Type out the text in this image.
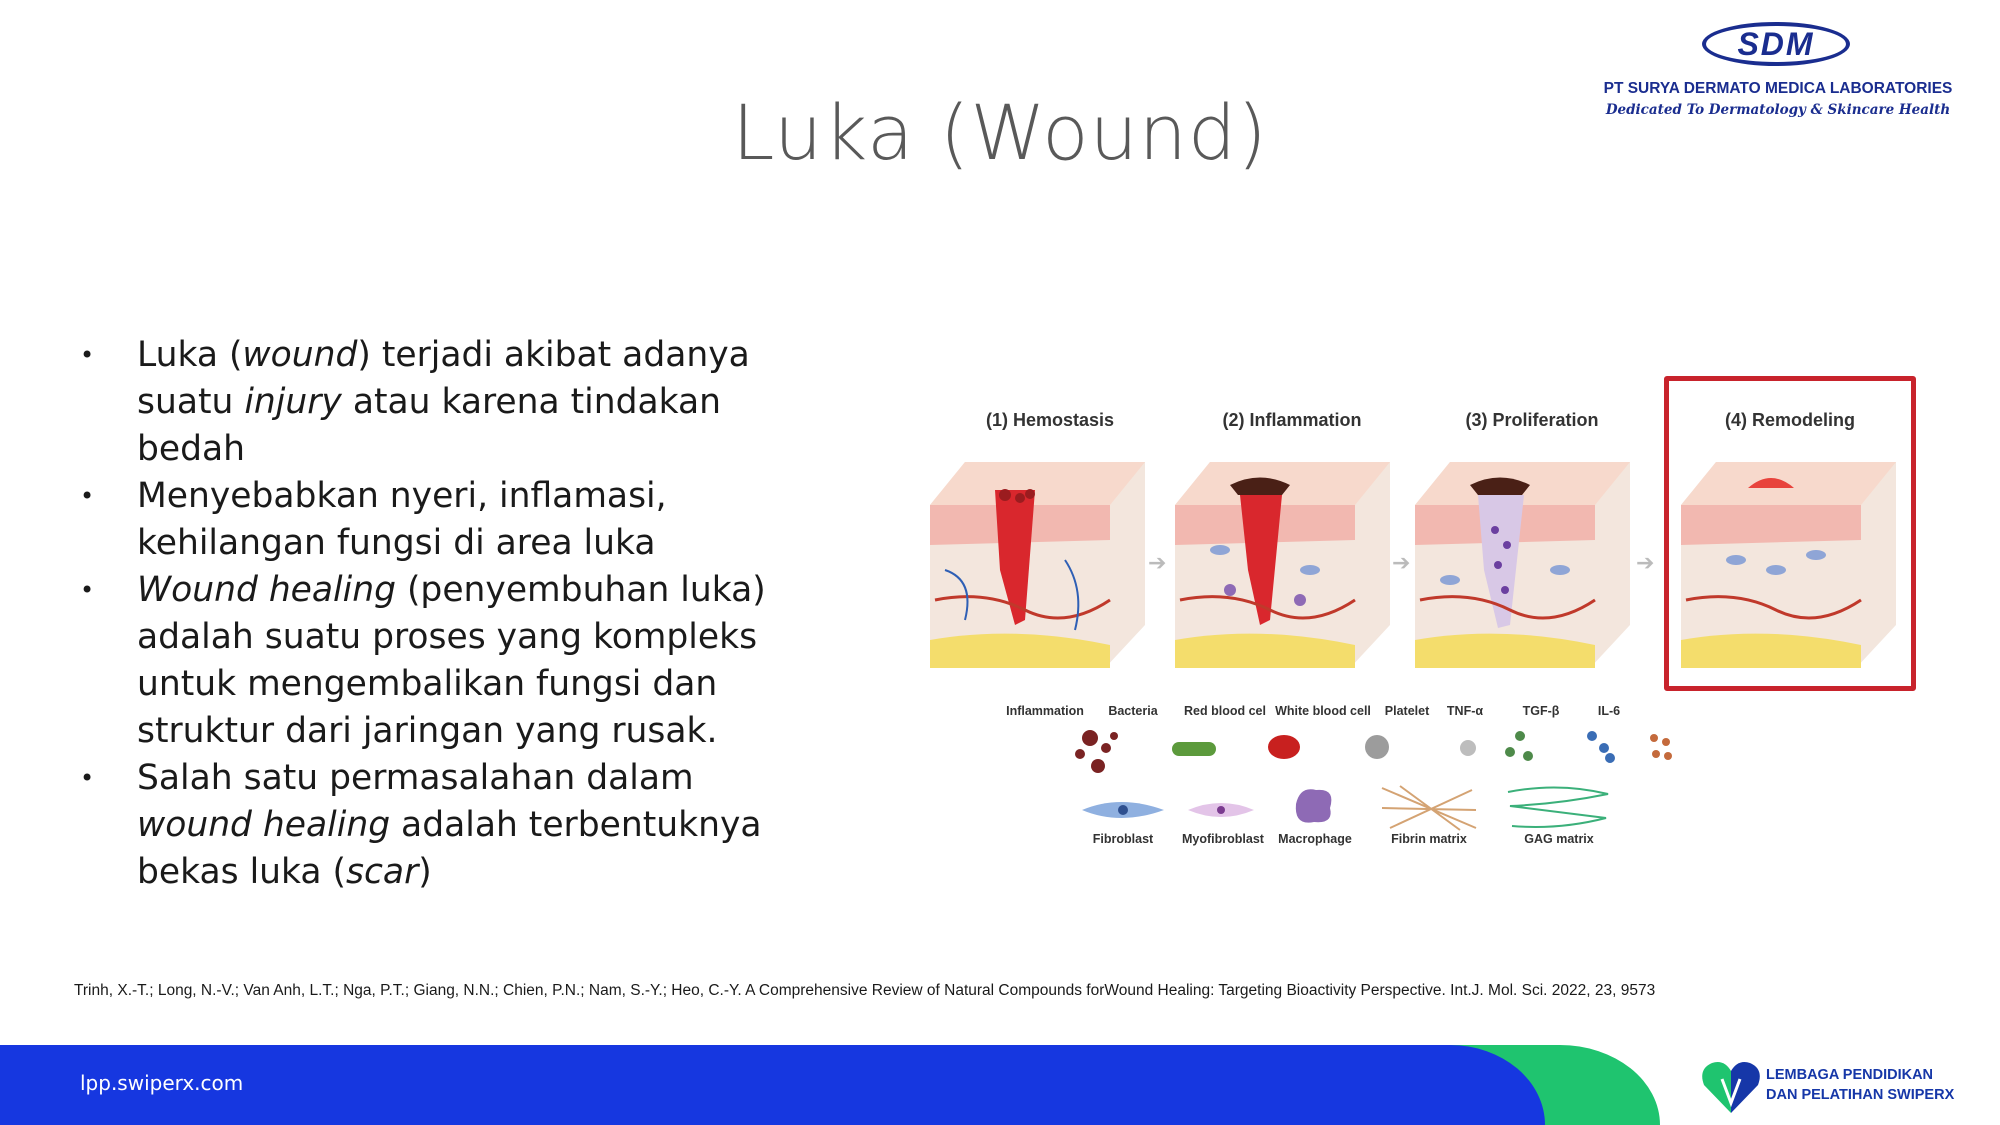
Luka (Wound)
SDM
PT SURYA DERMATO MEDICA LABORATORIES
Dedicated To Dermatology & Skincare Health
• Luka (wound) terjadi akibat adanya suatu injury atau karena tindakan bedah
• Menyebabkan nyeri, inflamasi, kehilangan fungsi di area luka
• Wound healing (penyembuhan luka) adalah suatu proses yang kompleks untuk mengembalikan fungsi dan struktur dari jaringan yang rusak.
• Salah satu permasalahan dalam wound healing adalah terbentuknya bekas luka (scar)
(1) Hemostasis	(2) Inflammation	(3) Proliferation	(4) Remodeling
➔	➔	➔
Inflammation	Bacteria	Red blood cel White blood cell	Platelet	TNF-α	TGF-β	IL-6
Fibroblast	Myofibroblast	Macrophage	Fibrin matrix	GAG matrix
Trinh, X.-T.; Long, N.-V.; Van Anh, L.T.; Nga, P.T.; Giang, N.N.; Chien, P.N.; Nam, S.-Y.; Heo, C.-Y. A Comprehensive Review of Natural Compounds forWound Healing: Targeting Bioactivity Perspective. Int.J. Mol. Sci. 2022, 23, 9573
lpp.swiperx.com	LEMBAGA PENDIDIKAN
DAN PELATIHAN SWIPERX
